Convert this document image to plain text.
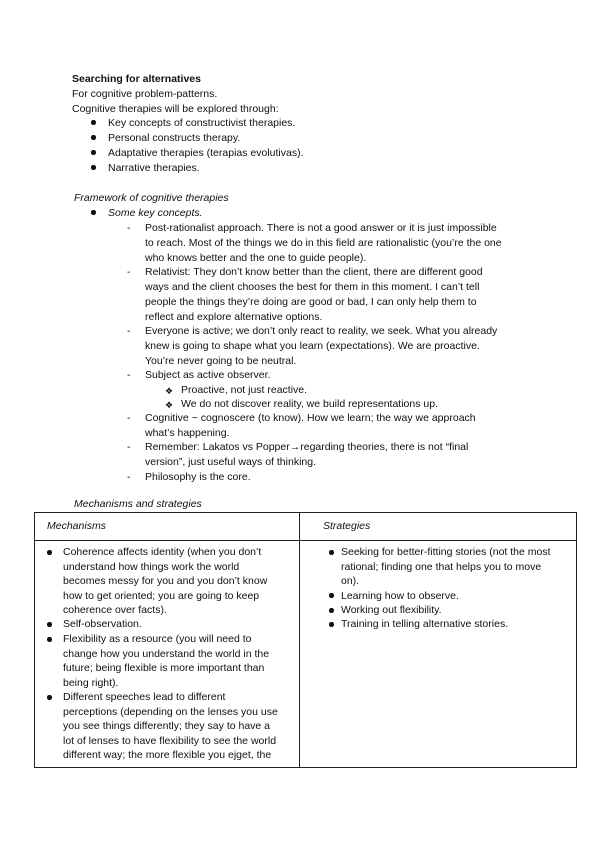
Searching for alternatives
For cognitive problem-patterns.
Cognitive therapies will be explored through:
Key concepts of constructivist therapies.
Personal constructs therapy.
Adaptative therapies (terapias evolutivas).
Narrative therapies.
Framework of cognitive therapies
Some key concepts.
- Post-rationalist approach. There is not a good answer or it is just impossible
to reach. Most of the things we do in this field are rationalistic (you’re the one
who knows better and the one to guide people).
- Relativist: They don’t know better than the client, there are different good
ways and the client chooses the best for them in this moment. I can’t tell
people the things they’re doing are good or bad, I can only help them to
reflect and explore alternative options.
- Everyone is active; we don’t only react to reality, we seek. What you already
knew is going to shape what you learn (expectations). We are proactive.
You’re never going to be neutral.
- Subject as active observer.
❖ Proactive, not just reactive.
❖ We do not discover reality, we build representations up.
- Cognitive ~ cognoscere (to know). How we learn; the way we approach
what’s happening.
- Remember: Lakatos vs Popper→regarding theories, there is not “final
version”, just useful ways of thinking.
- Philosophy is the core.
Mechanisms and strategies
Mechanisms	Strategies
Coherence affects identity (when you don’t
understand how things work the world
becomes messy for you and you don’t know
how to get oriented; you are going to keep
coherence over facts).
Self-observation.
Flexibility as a resource (you will need to
change how you understand the world in the
future; being flexible is more important than
being right).
Different speeches lead to different
perceptions (depending on the lenses you use
you see things differently; they say to have a
lot of lenses to have flexibility to see the world
different way; the more flexible you ejget, the
Seeking for better-fitting stories (not the most
rational; finding one that helps you to move
on).
Learning how to observe.
Working out flexibility.
Training in telling alternative stories.
